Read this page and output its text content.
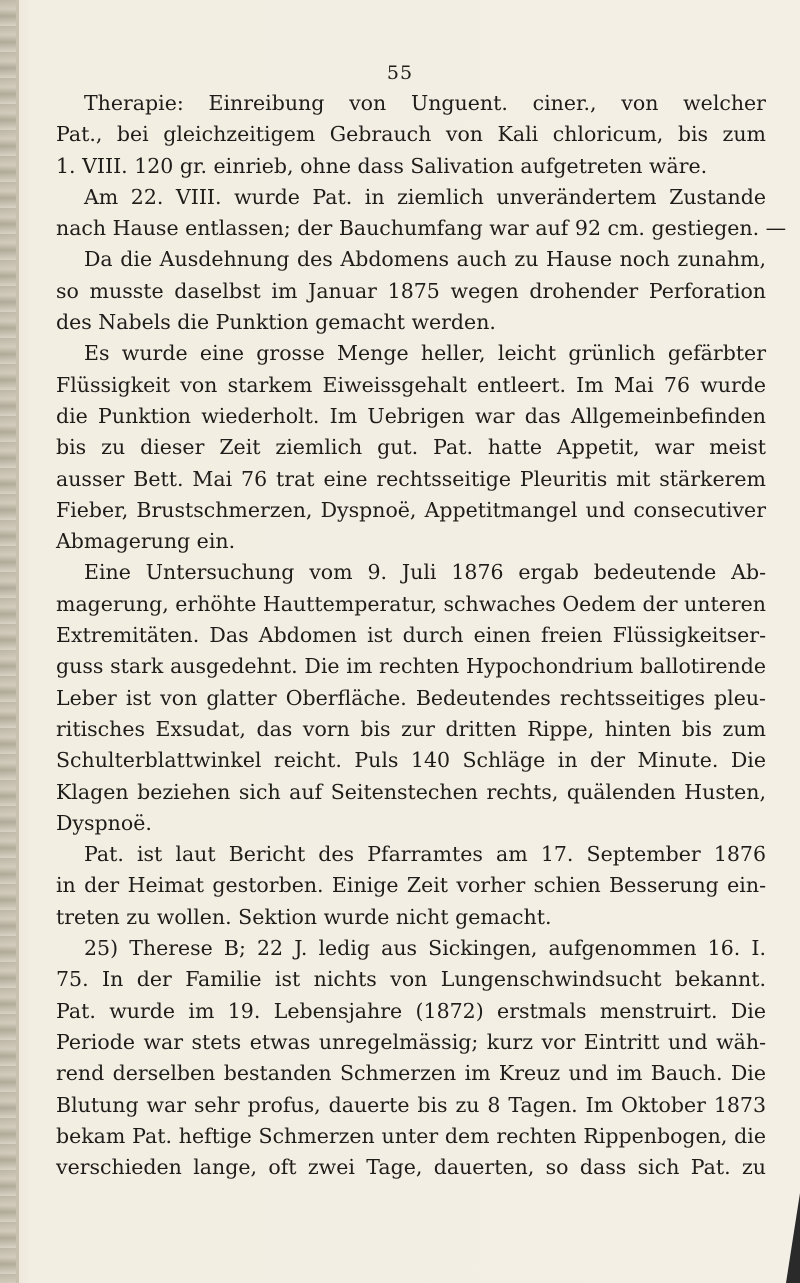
55
Therapie: Einreibung von Unguent. ciner., von welcher
Pat., bei gleichzeitigem Gebrauch von Kali chloricum, bis zum
1. VIII. 120 gr. einrieb, ohne dass Salivation aufgetreten wäre.
Am 22. VIII. wurde Pat. in ziemlich unverändertem Zustande
nach Hause entlassen; der Bauchumfang war auf 92 cm. gestiegen. —
Da die Ausdehnung des Abdomens auch zu Hause noch zunahm,
so musste daselbst im Januar 1875 wegen drohender Perforation
des Nabels die Punktion gemacht werden.
Es wurde eine grosse Menge heller, leicht grünlich gefärbter
Flüssigkeit von starkem Eiweissgehalt entleert. Im Mai 76 wurde
die Punktion wiederholt. Im Uebrigen war das Allgemeinbefinden
bis zu dieser Zeit ziemlich gut. Pat. hatte Appetit, war meist
ausser Bett. Mai 76 trat eine rechtsseitige Pleuritis mit stärkerem
Fieber, Brustschmerzen, Dyspnoë, Appetitmangel und consecutiver
Abmagerung ein.
Eine Untersuchung vom 9. Juli 1876 ergab bedeutende Ab-
magerung, erhöhte Hauttemperatur, schwaches Oedem der unteren
Extremitäten. Das Abdomen ist durch einen freien Flüssigkeitser-
guss stark ausgedehnt. Die im rechten Hypochondrium ballotirende
Leber ist von glatter Oberfläche. Bedeutendes rechtsseitiges pleu-
ritisches Exsudat, das vorn bis zur dritten Rippe, hinten bis zum
Schulterblattwinkel reicht. Puls 140 Schläge in der Minute. Die
Klagen beziehen sich auf Seitenstechen rechts, quälenden Husten,
Dyspnoë.
Pat. ist laut Bericht des Pfarramtes am 17. September 1876
in der Heimat gestorben. Einige Zeit vorher schien Besserung ein-
treten zu wollen. Sektion wurde nicht gemacht.
25) Therese B; 22 J. ledig aus Sickingen, aufgenommen 16. I.
75. In der Familie ist nichts von Lungenschwindsucht bekannt.
Pat. wurde im 19. Lebensjahre (1872) erstmals menstruirt. Die
Periode war stets etwas unregelmässig; kurz vor Eintritt und wäh-
rend derselben bestanden Schmerzen im Kreuz und im Bauch. Die
Blutung war sehr profus, dauerte bis zu 8 Tagen. Im Oktober 1873
bekam Pat. heftige Schmerzen unter dem rechten Rippenbogen, die
verschieden lange, oft zwei Tage, dauerten, so dass sich Pat. zu
